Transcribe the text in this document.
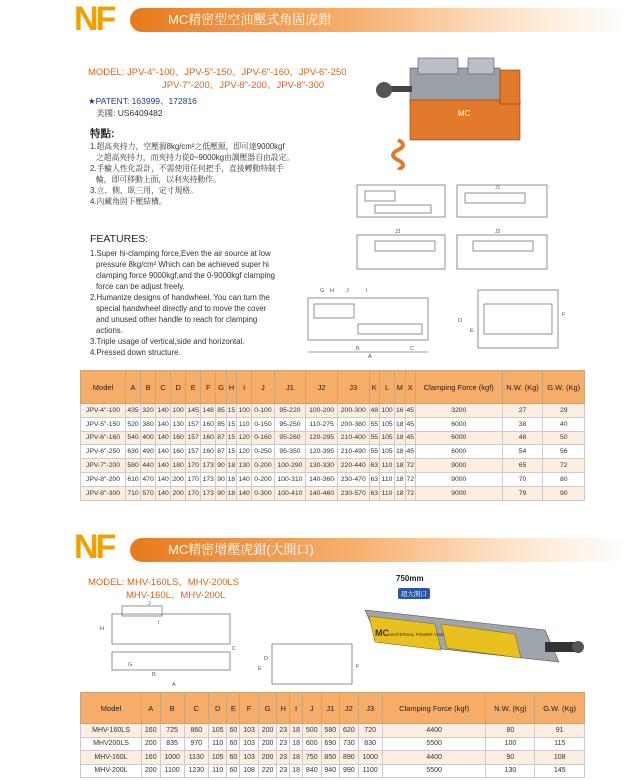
NF	MC精密型空油壓式角固虎鉗
MODEL: JPV-4"-100、JPV-5"-150、JPV-6"-160、JPV-6"-250
JPV-7"-200、JPV-8"-200、JPV-8"-300
★PATENT: 163999、172816
美國: US6409482	MC
特點:
1.超高夾持力，空壓源8kg/cm²之低壓源，即可達9000kgf
之超高夾持力，而夾持力從0~9000kg由調壓器自由設定。
2.手輪人性化設計，不需使用任何把手，直接轉動特制手
輪，即可移動上面，以利夾持動作。
3.立、側、臥三用，定寸規格。
4.內藏角固下壓結構。
FEATURES:
1.Super hi-clamping force,Even the air source at low
pressure 8kg/cm² Which can be achieved super hi
clamping force 9000kgf,and the 0-9000kgf clamping
force can be adjust freely.
2.Humanize designs of handwheel. You can turn the
special handwheel directly and to move the cover
and unused other handle to reach for clamping
actions.
3.Triple usage of vertical,side and horizontal.
4.Pressed down structure.
J1
J3	J2
G H J	I
B	C
A
D
E
F
Model	A	B	C	D	E	F	G	H	I	J	J1	J2	J3	K	L	M	X	Clamping Force (kgf)	N.W. (Kg)	G.W. (Kg)
JPV-4"-100	435	320	140	100	145	148	85	15	100	0-100	95-220	100-200	200-300	48	100	16	45	3200	27	29
JPV-5"-150	520	380	140	130	157	160	85	15	110	0-150	95-250	110-275	200-380	55	105	18	45	6000	38	40
JPV-6"-160	540	400	140	160	157	160	87	15	120	0-160	95-260	120-295	210-400	55	105	18	45	6000	48	50
JPV-6"-250	630	490	140	160	157	160	87	15	120	0-250	95-350	120-395	210-490	55	105	18	45	6000	54	56
JPV-7"-200	580	440	140	180	170	173	90	18	130	0-200	100-290	130-330	220-440	63	110	18	72	9000	65	72
JPV-8"-200	610	470	140	200	170	173	90	18	140	0-200	100-310	140-360	230-470	63	110	18	72	9000	70	80
JPV-8"-300	710	570	140	200	170	173	90	18	140	0-300	100-410	140-460	230-570	63	110	18	72	9000	79	90
NF	MC精密增壓虎鉗(大開口)
MODEL: MHV-160LS、MHV-200LS
MHV-160L、MHV-200L
J
I
H
G
B
A
D
E
C
F
750mm
超大開口
MC UNIVERSAL POWER VISE
Model	A	B	C	D	E	F	G	H	I	J	J1	J2	J3	Clamping Force (kgf)	N.W. (Kg)	G.W. (Kg)
MHV-160LS	160	725	860	105	60	103	200	23	18	500	580	620	720	4400	80	91
MHV200LS	200	835	970	110	60	103	200	23	18	600	690	730	830	5500	100	115
MHV-160L	160	1000	1130	105	60	103	200	23	18	750	850	890	1000	4400	90	108
MHV-200L	200	1100	1230	110	60	108	220	23	18	840	940	990	1100	5500	130	145
